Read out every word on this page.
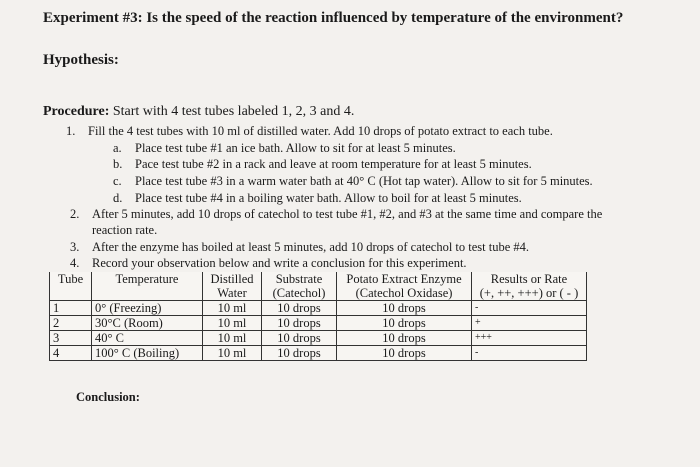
Experiment #3: Is the speed of the reaction influenced by temperature of the environment?
Hypothesis:
Procedure: Start with 4 test tubes labeled 1, 2, 3 and 4.
1. Fill the 4 test tubes with 10 ml of distilled water. Add 10 drops of potato extract to each tube.
a. Place test tube #1 an ice bath. Allow to sit for at least 5 minutes.
b. Pace test tube #2 in a rack and leave at room temperature for at least 5 minutes.
c. Place test tube #3 in a warm water bath at 40° C (Hot tap water). Allow to sit for 5 minutes.
d. Place test tube #4 in a boiling water bath. Allow to boil for at least 5 minutes.
2. After 5 minutes, add 10 drops of catechol to test tube #1, #2, and #3 at the same time and compare the
reaction rate.
3. After the enzyme has boiled at least 5 minutes, add 10 drops of catechol to test tube #4.
4. Record your observation below and write a conclusion for this experiment.
Tube	Temperature	Distilled	Substrate	Potato Extract Enzyme	Results or Rate
		Water	(Catechol)	(Catechol Oxidase)	(+, ++, +++) or ( - )
1	0° (Freezing)	10 ml	10 drops	10 drops	-
2	30°C (Room)	10 ml	10 drops	10 drops	+
3	40° C	10 ml	10 drops	10 drops	+++
4	100° C (Boiling)	10 ml	10 drops	10 drops	-
Conclusion:
